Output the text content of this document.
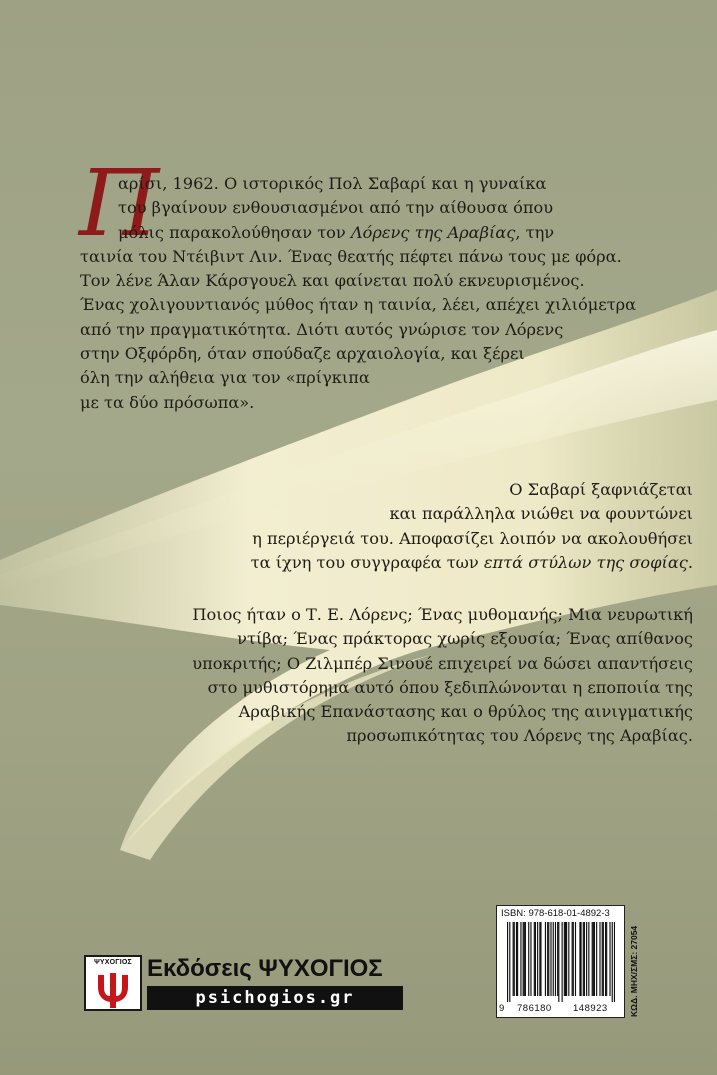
Π

αρίσι, 1962. Ο ιστορικός Πολ Σαβαρί και η γυναίκα
του βγαίνουν ενθουσιασμένοι από την αίθουσα όπου
μόλις παρακολούθησαν τον Λόρενς της Αραβίας, την
ταινία του Ντέιβιντ Λιν. Ένας θεατής πέφτει πάνω τους με φόρα.
Τον λένε Άλαν Κάρσγουελ και φαίνεται πολύ εκνευρισμένος.
Ένας χολιγουντιανός μύθος ήταν η ταινία, λέει, απέχει χιλιόμετρα
από την πραγματικότητα. Διότι αυτός γνώρισε τον Λόρενς
στην Οξφόρδη, όταν σπούδαζε αρχαιολογία, και ξέρει
όλη την αλήθεια για τον «πρίγκιπα
με τα δύο πρόσωπα».

Ο Σαβαρί ξαφνιάζεται
και παράλληλα νιώθει να φουντώνει
η περιέργειά του. Αποφασίζει λοιπόν να ακολουθήσει
τα ίχνη του συγγραφέα των επτά στύλων της σοφίας.

Ποιος ήταν ο Τ. Ε. Λόρενς; Ένας μυθομανής; Μια νευρωτική
ντίβα; Ένας πράκτορας χωρίς εξουσία; Ένας απίθανος
υποκριτής; Ο Ζιλμπέρ Σινουέ επιχειρεί να δώσει απαντήσεις
στο μυθιστόρημα αυτό όπου ξεδιπλώνονται η εποποιία της
Αραβικής Επανάστασης και ο θρύλος της αινιγματικής
προσωπικότητας του Λόρενς της Αραβίας.

ISBN: 978-618-01-4892-3
9 786180 148923	ΚΩΔ. ΜΗΧ/ΣΜΣ: 27054
ΨΥΧΟΓΙΟΣ Εκδόσεις ΨΥΧΟΓΙΟΣ
psichogios.gr
